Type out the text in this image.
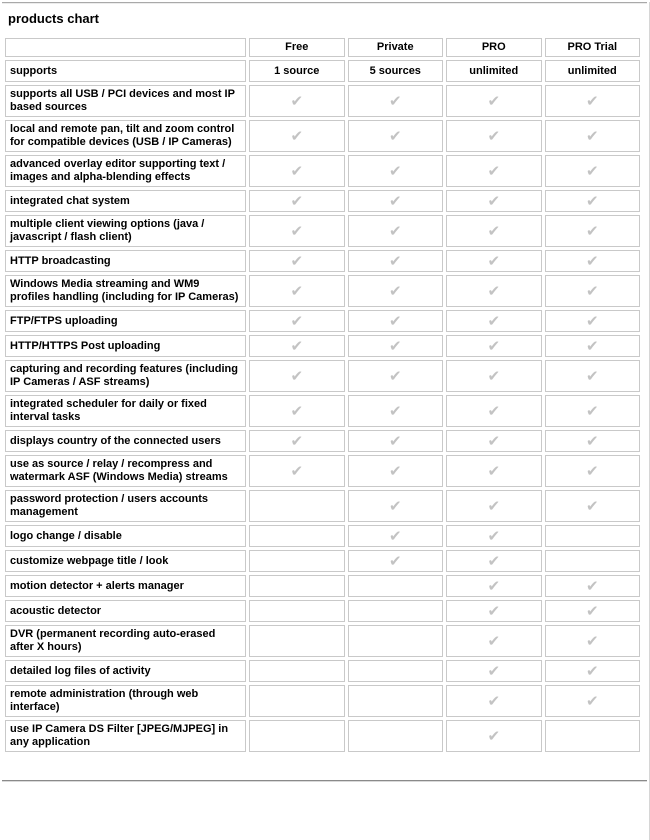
products chart
	Free	Private	PRO	PRO Trial
supports	1 source	5 sources	unlimited	unlimited
supports all USB / PCI devices and most IP based sources	✔	✔	✔	✔
local and remote pan, tilt and zoom control for compatible devices (USB / IP Cameras)	✔	✔	✔	✔
advanced overlay editor supporting text / images and alpha-blending effects	✔	✔	✔	✔
integrated chat system	✔	✔	✔	✔
multiple client viewing options (java / javascript / flash client)	✔	✔	✔	✔
HTTP broadcasting	✔	✔	✔	✔
Windows Media streaming and WM9 profiles handling (including for IP Cameras)	✔	✔	✔	✔
FTP/FTPS uploading	✔	✔	✔	✔
HTTP/HTTPS Post uploading	✔	✔	✔	✔
capturing and recording features (including IP Cameras / ASF streams)	✔	✔	✔	✔
integrated scheduler for daily or fixed interval tasks	✔	✔	✔	✔
displays country of the connected users	✔	✔	✔	✔
use as source / relay / recompress and watermark ASF (Windows Media) streams	✔	✔	✔	✔
password protection / users accounts management		✔	✔	✔
logo change / disable		✔	✔	
customize webpage title / look		✔	✔	
motion detector + alerts manager			✔	✔
acoustic detector			✔	✔
DVR (permanent recording auto-erased after X hours)			✔	✔
detailed log files of activity			✔	✔
remote administration (through web interface)			✔	✔
use IP Camera DS Filter [JPEG/MJPEG] in any application			✔	
